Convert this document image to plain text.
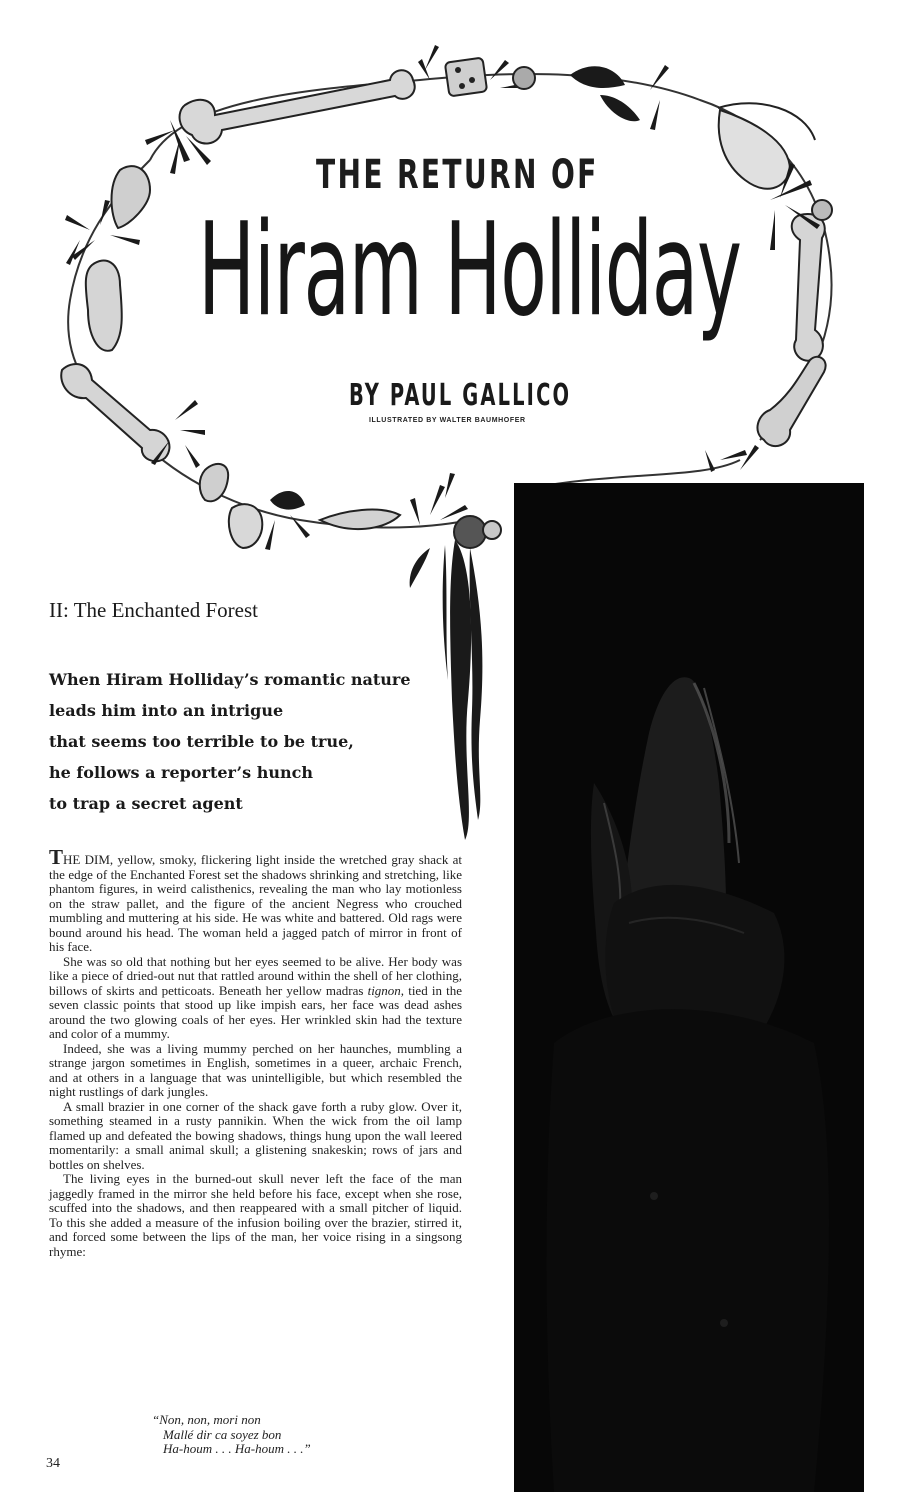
THE RETURN OF
Hiram Holliday
BY PAUL GALLICO
ILLUSTRATED BY WALTER BAUMHOFER
II: The Enchanted Forest
When Hiram Holliday’s romantic nature
leads him into an intrigue
that seems too terrible to be true,
he follows a reporter’s hunch
to trap a secret agent

THE DIM, yellow, smoky, flickering light inside the wretched gray shack at the edge of the Enchanted Forest set the shadows shrinking and stretching, like phantom figures, in weird calisthenics, revealing the man who lay motionless on the straw pallet, and the figure of the ancient Negress who crouched mumbling and muttering at his side. He was white and battered. Old rags were bound around his head. The woman held a jagged patch of mirror in front of his face.

She was so old that nothing but her eyes seemed to be alive. Her body was like a piece of dried-out nut that rattled around within the shell of her clothing, billows of skirts and petticoats. Beneath her yellow madras tignon, tied in the seven classic points that stood up like impish ears, her face was dead ashes around the two glowing coals of her eyes. Her wrinkled skin had the texture and color of a mummy.

Indeed, she was a living mummy perched on her haunches, mumbling a strange jargon sometimes in English, sometimes in a queer, archaic French, and at others in a language that was unintelligible, but which resembled the night rustlings of dark jungles.

A small brazier in one corner of the shack gave forth a ruby glow. Over it, something steamed in a rusty pannikin. When the wick from the oil lamp flamed up and defeated the bowing shadows, things hung upon the wall leered momentarily: a small animal skull; a glistening snakeskin; rows of jars and bottles on shelves.

The living eyes in the burned-out skull never left the face of the man jaggedly framed in the mirror she held before his face, except when she rose, scuffed into the shadows, and then reappeared with a small pitcher of liquid. To this she added a measure of the infusion boiling over the brazier, stirred it, and forced some between the lips of the man, her voice rising in a singsong rhyme:

“Non, non, mori non
Mallé dir ca soyez bon
Ha-houm . . . Ha-houm . . .”
34
